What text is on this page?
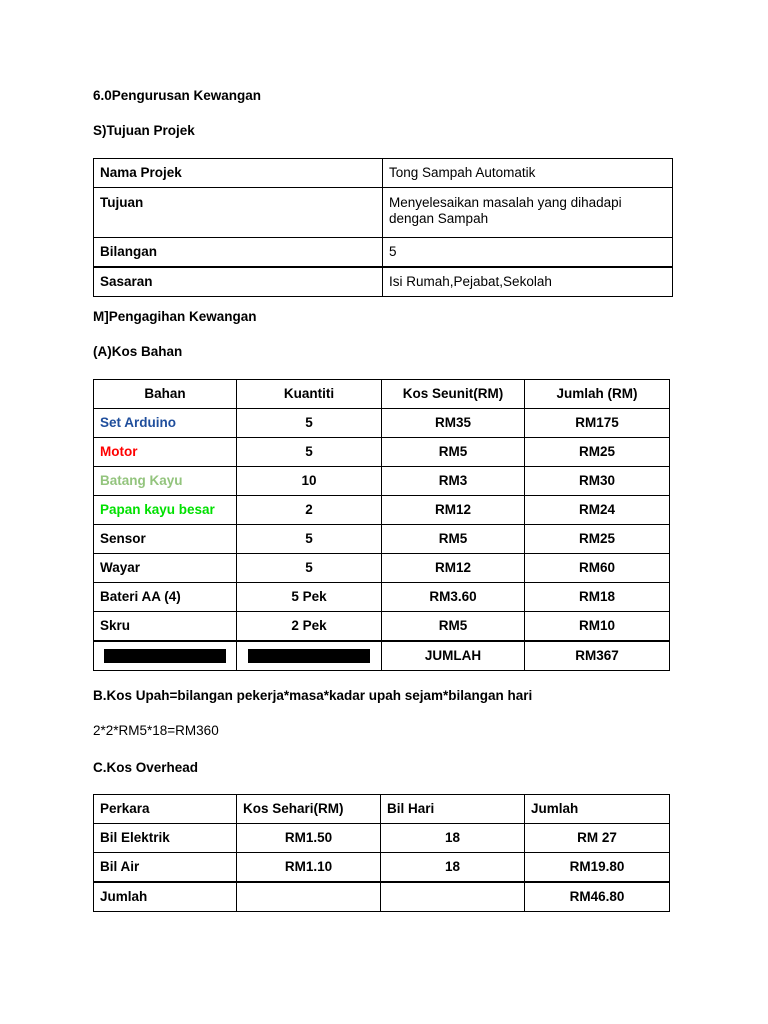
6.0Pengurusan Kewangan
S)Tujuan Projek
Nama Projek	Tong Sampah Automatik
Tujuan	Menyelesaikan masalah yang dihadapi dengan Sampah
Bilangan	5
Sasaran	Isi Rumah,Pejabat,Sekolah
M]Pengagihan Kewangan
(A)Kos Bahan
Bahan	Kuantiti	Kos Seunit(RM)	Jumlah (RM)
Set Arduino	5	RM35	RM175
Motor	5	RM5	RM25
Batang Kayu	10	RM3	RM30
Papan kayu besar	2	RM12	RM24
Sensor	5	RM5	RM25
Wayar	5	RM12	RM60
Bateri AA (4)	5 Pek	RM3.60	RM18
Skru	2 Pek	RM5	RM10
		JUMLAH	RM367
B.Kos Upah=bilangan pekerja*masa*kadar upah sejam*bilangan hari
2*2*RM5*18=RM360
C.Kos Overhead
Perkara	Kos Sehari(RM)	Bil Hari	Jumlah
Bil Elektrik	RM1.50	18	RM 27
Bil Air	RM1.10	18	RM19.80
Jumlah			RM46.80
